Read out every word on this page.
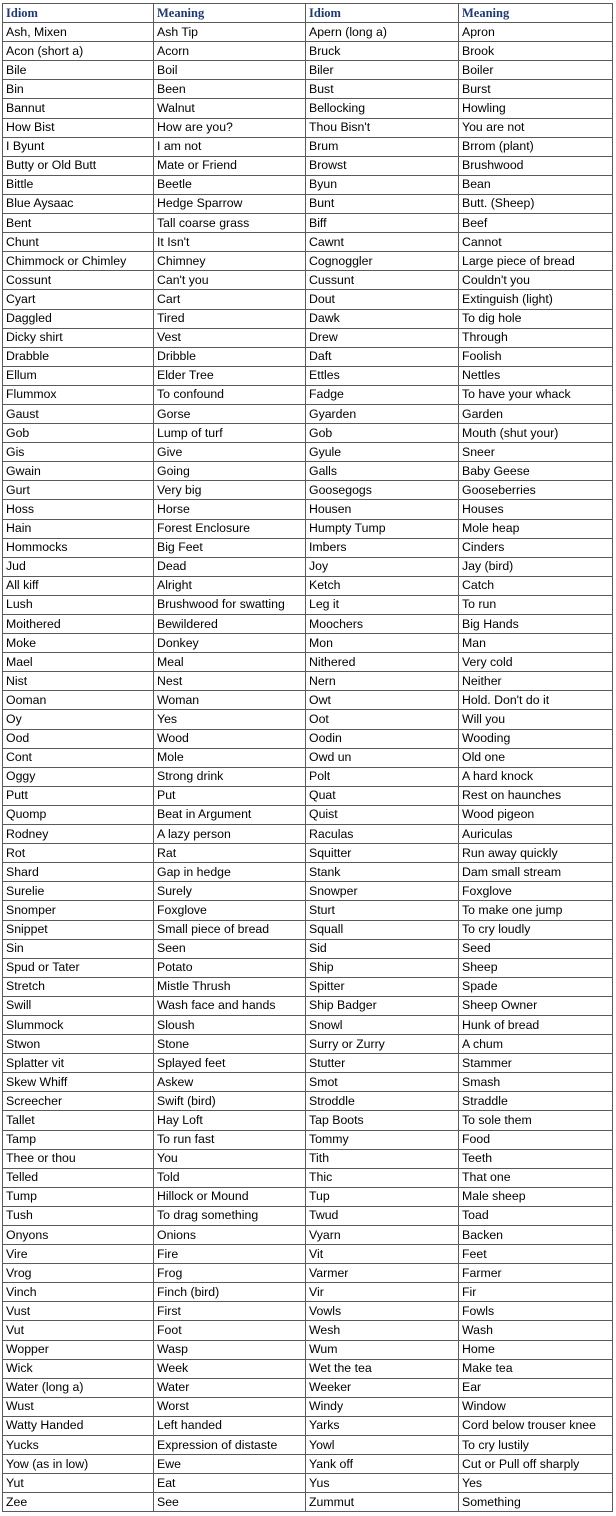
Idiom	Meaning	Idiom	Meaning
Ash, Mixen	Ash Tip	Apern (long a)	Apron
Acon (short a)	Acorn	Bruck	Brook
Bile	Boil	Biler	Boiler
Bin	Been	Bust	Burst
Bannut	Walnut	Bellocking	Howling
How Bist	How are you?	Thou Bisn't	You are not
I Byunt	I am not	Brum	Brrom (plant)
Butty or Old Butt	Mate or Friend	Browst	Brushwood
Bittle	Beetle	Byun	Bean
Blue Aysaac	Hedge Sparrow	Bunt	Butt. (Sheep)
Bent	Tall coarse grass	Biff	Beef
Chunt	It Isn't	Cawnt	Cannot
Chimmock or Chimley	Chimney	Cognoggler	Large piece of bread
Cossunt	Can't you	Cussunt	Couldn't you
Cyart	Cart	Dout	Extinguish (light)
Daggled	Tired	Dawk	To dig hole
Dicky shirt	Vest	Drew	Through
Drabble	Dribble	Daft	Foolish
Ellum	Elder Tree	Ettles	Nettles
Flummox	To confound	Fadge	To have your whack
Gaust	Gorse	Gyarden	Garden
Gob	Lump of turf	Gob	Mouth (shut your)
Gis	Give	Gyule	Sneer
Gwain	Going	Galls	Baby Geese
Gurt	Very big	Goosegogs	Gooseberries
Hoss	Horse	Housen	Houses
Hain	Forest Enclosure	Humpty Tump	Mole heap
Hommocks	Big Feet	Imbers	Cinders
Jud	Dead	Joy	Jay (bird)
All kiff	Alright	Ketch	Catch
Lush	Brushwood for swatting	Leg it	To run
Moithered	Bewildered	Moochers	Big Hands
Moke	Donkey	Mon	Man
Mael	Meal	Nithered	Very cold
Nist	Nest	Nern	Neither
Ooman	Woman	Owt	Hold. Don't do it
Oy	Yes	Oot	Will you
Ood	Wood	Oodin	Wooding
Cont	Mole	Owd un	Old one
Oggy	Strong drink	Polt	A hard knock
Putt	Put	Quat	Rest on haunches
Quomp	Beat in Argument	Quist	Wood pigeon
Rodney	A lazy person	Raculas	Auriculas
Rot	Rat	Squitter	Run away quickly
Shard	Gap in hedge	Stank	Dam small stream
Surelie	Surely	Snowper	Foxglove
Snomper	Foxglove	Sturt	To make one jump
Snippet	Small piece of bread	Squall	To cry loudly
Sin	Seen	Sid	Seed
Spud or Tater	Potato	Ship	Sheep
Stretch	Mistle Thrush	Spitter	Spade
Swill	Wash face and hands	Ship Badger	Sheep Owner
Slummock	Sloush	Snowl	Hunk of bread
Stwon	Stone	Surry or Zurry	A chum
Splatter vit	Splayed feet	Stutter	Stammer
Skew Whiff	Askew	Smot	Smash
Screecher	Swift (bird)	Stroddle	Straddle
Tallet	Hay Loft	Tap Boots	To sole them
Tamp	To run fast	Tommy	Food
Thee or thou	You	Tith	Teeth
Telled	Told	Thic	That one
Tump	Hillock or Mound	Tup	Male sheep
Tush	To drag something	Twud	Toad
Onyons	Onions	Vyarn	Backen
Vire	Fire	Vit	Feet
Vrog	Frog	Varmer	Farmer
Vinch	Finch (bird)	Vir	Fir
Vust	First	Vowls	Fowls
Vut	Foot	Wesh	Wash
Wopper	Wasp	Wum	Home
Wick	Week	Wet the tea	Make tea
Water (long a)	Water	Weeker	Ear
Wust	Worst	Windy	Window
Watty Handed	Left handed	Yarks	Cord below trouser knee
Yucks	Expression of distaste	Yowl	To cry lustily
Yow (as in low)	Ewe	Yank off	Cut or Pull off sharply
Yut	Eat	Yus	Yes
Zee	See	Zummut	Something
